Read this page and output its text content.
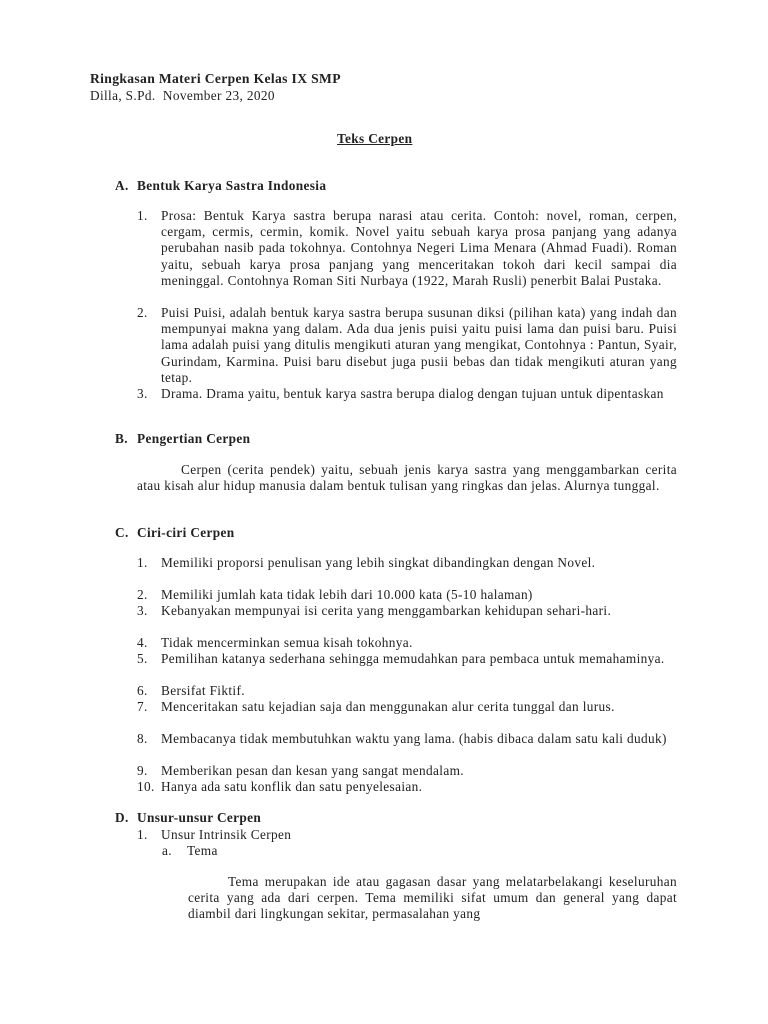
Ringkasan Materi Cerpen Kelas IX SMP
Dilla, S.Pd. November 23, 2020
Teks Cerpen
A. Bentuk Karya Sastra Indonesia
1. Prosa: Bentuk Karya sastra berupa narasi atau cerita. Contoh: novel, roman, cerpen, cergam, cermis, cermin, komik. Novel yaitu sebuah karya prosa panjang yang adanya perubahan nasib pada tokohnya. Contohnya Negeri Lima Menara (Ahmad Fuadi). Roman yaitu, sebuah karya prosa panjang yang menceritakan tokoh dari kecil sampai dia meninggal. Contohnya Roman Siti Nurbaya (1922, Marah Rusli) penerbit Balai Pustaka.
2. Puisi Puisi, adalah bentuk karya sastra berupa susunan diksi (pilihan kata) yang indah dan mempunyai makna yang dalam. Ada dua jenis puisi yaitu puisi lama dan puisi baru. Puisi lama adalah puisi yang ditulis mengikuti aturan yang mengikat, Contohnya : Pantun, Syair, Gurindam, Karmina. Puisi baru disebut juga pusii bebas dan tidak mengikuti aturan yang tetap.
3. Drama. Drama yaitu, bentuk karya sastra berupa dialog dengan tujuan untuk dipentaskan
B. Pengertian Cerpen
Cerpen (cerita pendek) yaitu, sebuah jenis karya sastra yang menggambarkan cerita atau kisah alur hidup manusia dalam bentuk tulisan yang ringkas dan jelas. Alurnya tunggal.
C. Ciri-ciri Cerpen
1. Memiliki proporsi penulisan yang lebih singkat dibandingkan dengan Novel.
2. Memiliki jumlah kata tidak lebih dari 10.000 kata (5-10 halaman)
3. Kebanyakan mempunyai isi cerita yang menggambarkan kehidupan sehari-hari.
4. Tidak mencerminkan semua kisah tokohnya.
5. Pemilihan katanya sederhana sehingga memudahkan para pembaca untuk memahaminya.
6. Bersifat Fiktif.
7. Menceritakan satu kejadian saja dan menggunakan alur cerita tunggal dan lurus.
8. Membacanya tidak membutuhkan waktu yang lama. (habis dibaca dalam satu kali duduk)
9. Memberikan pesan dan kesan yang sangat mendalam.
10. Hanya ada satu konflik dan satu penyelesaian.
D. Unsur-unsur Cerpen
1. Unsur Intrinsik Cerpen
a. Tema
Tema merupakan ide atau gagasan dasar yang melatarbelakangi keseluruhan cerita yang ada dari cerpen. Tema memiliki sifat umum dan general yang dapat diambil dari lingkungan sekitar, permasalahan yang
